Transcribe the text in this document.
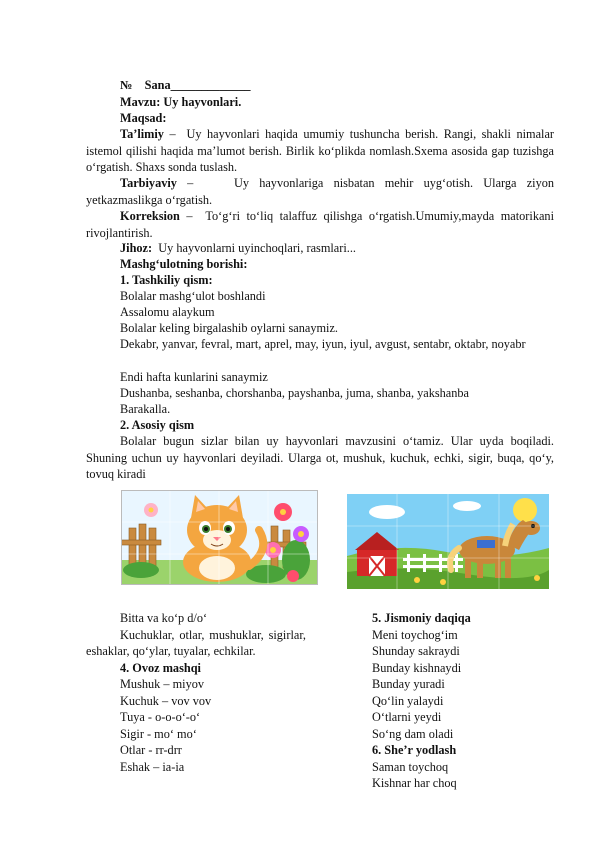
№ Sana_____________
Mavzu: Uy hayvonlari.
Maqsad:

Ta’limiy – Uy hayvonlari haqida umumiy tushuncha berish. Rangi, shakli nimalar istemol qilishi haqida ma’lumot berish. Birlik ko‘plikda nomlash.Sxema asosida gap tuzishga o‘rgatish. Shaxs sonda tuslash.

Tarbiyaviy –	Uy hayvonlariga nisbatan mehir uyg‘otish. Ularga ziyon yetkazmaslikga o‘rgatish.

Korreksion – To‘g‘ri to‘liq talaffuz qilishga o‘rgatish.Umumiy,mayda matorikani rivojlantirish.

Jihoz: Uy hayvonlarni uyinchoqlari, rasmlari...
Mashg‘ulotning borishi:
1. Tashkiliy qism:
Bolalar mashg‘ulot boshlandi
Assalomu alaykum
Bolalar keling birgalashib oylarni sanaymiz.

Dekabr, yanvar, fevral, mart, aprel, may, iyun, iyul, avgust, sentabr, oktabr, noyabr

Endi hafta kunlarini sanaymiz
Dushanba, seshanba, chorshanba, payshanba, juma, shanba, yakshanba
Barakalla.
2. Asosiy qism

Bolalar bugun sizlar bilan uy hayvonlari mavzusini o‘tamiz. Ular uyda boqiladi. Shuning uchun uy hayvonlari deyiladi. Ularga ot, mushuk, kuchuk, echki, sigir, buqa, qo‘y, tovuq kiradi

Bitta va ko‘p d/o‘
Kuchuklar, otlar, mushuklar, sigirlar, eshaklar, qo‘ylar, tuyalar, echkilar.
4. Ovoz mashqi
Mushuk – miyov
Kuchuk – vov vov
Tuya - o-o-o‘-o‘
Sigir - mo‘ mo‘
Otlar - rr-drr
Eshak – ia-ia
5. Jismoniy daqiqa
Meni toychog‘im
Shunday sakraydi
Bunday kishnaydi
Bunday yuradi
Qo‘lin yalaydi
O‘tlarni yeydi
So‘ng dam oladi
6. She’r yodlash
Saman toychoq
Kishnar har choq
